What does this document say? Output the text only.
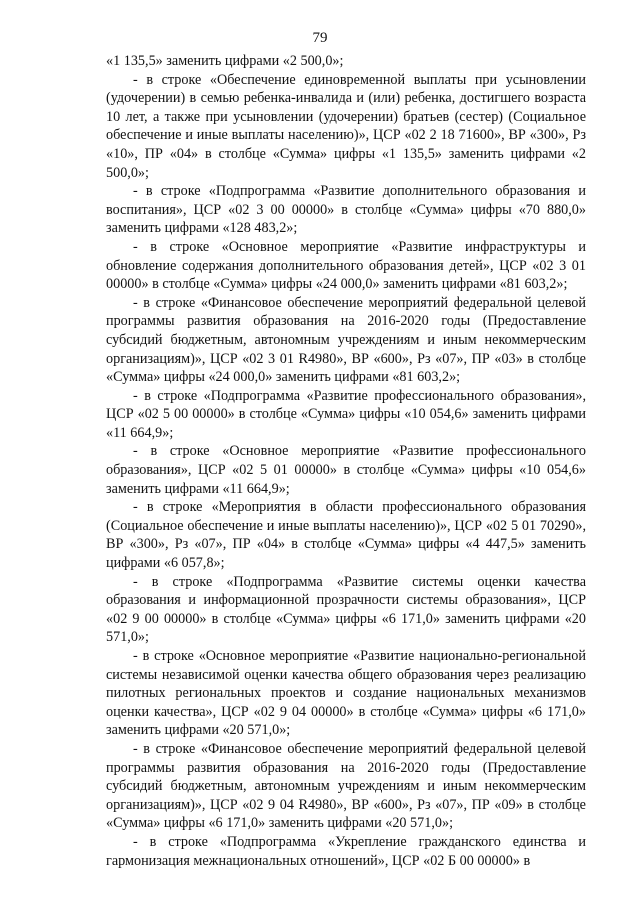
79

«1 135,5» заменить цифрами «2 500,0»;

- в строке «Обеспечение единовременной выплаты при усыновлении (удочерении) в семью ребенка-инвалида и (или) ребенка, достигшего возраста 10 лет, а также при усыновлении (удочерении) братьев (сестер) (Социальное обеспечение и иные выплаты населению)», ЦСР «02 2 18 71600», ВР «300», Рз «10», ПР «04» в столбце «Сумма» цифры «1 135,5» заменить цифрами «2 500,0»;

- в строке «Подпрограмма «Развитие дополнительного образования и воспитания», ЦСР «02 3 00 00000» в столбце «Сумма» цифры «70 880,0» заменить цифрами «128 483,2»;

- в строке «Основное мероприятие «Развитие инфраструктуры и обновление содержания дополнительного образования детей», ЦСР «02 3 01 00000» в столбце «Сумма» цифры «24 000,0» заменить цифрами «81 603,2»;

- в строке «Финансовое обеспечение мероприятий федеральной целевой программы развития образования на 2016-2020 годы (Предоставление субсидий бюджетным, автономным учреждениям и иным некоммерческим организациям)», ЦСР «02 3 01 R4980», ВР «600», Рз «07», ПР «03» в столбце «Сумма» цифры «24 000,0» заменить цифрами «81 603,2»;

- в строке «Подпрограмма «Развитие профессионального образования», ЦСР «02 5 00 00000» в столбце «Сумма» цифры «10 054,6» заменить цифрами «11 664,9»;

- в строке «Основное мероприятие «Развитие профессионального образования», ЦСР «02 5 01 00000» в столбце «Сумма» цифры «10 054,6» заменить цифрами «11 664,9»;

- в строке «Мероприятия в области профессионального образования (Социальное обеспечение и иные выплаты населению)», ЦСР «02 5 01 70290», ВР «300», Рз «07», ПР «04» в столбце «Сумма» цифры «4 447,5» заменить цифрами «6 057,8»;

- в строке «Подпрограмма «Развитие системы оценки качества образования и информационной прозрачности системы образования», ЦСР «02 9 00 00000» в столбце «Сумма» цифры «6 171,0» заменить цифрами «20 571,0»;

- в строке «Основное мероприятие «Развитие национально-региональной системы независимой оценки качества общего образования через реализацию пилотных региональных проектов и создание национальных механизмов оценки качества», ЦСР «02 9 04 00000» в столбце «Сумма» цифры «6 171,0» заменить цифрами «20 571,0»;

- в строке «Финансовое обеспечение мероприятий федеральной целевой программы развития образования на 2016-2020 годы (Предоставление субсидий бюджетным, автономным учреждениям и иным некоммерческим организациям)», ЦСР «02 9 04 R4980», ВР «600», Рз «07», ПР «09» в столбце «Сумма» цифры «6 171,0» заменить цифрами «20 571,0»;

- в строке «Подпрограмма «Укрепление гражданского единства и гармонизация межнациональных отношений», ЦСР «02 Б 00 00000» в
